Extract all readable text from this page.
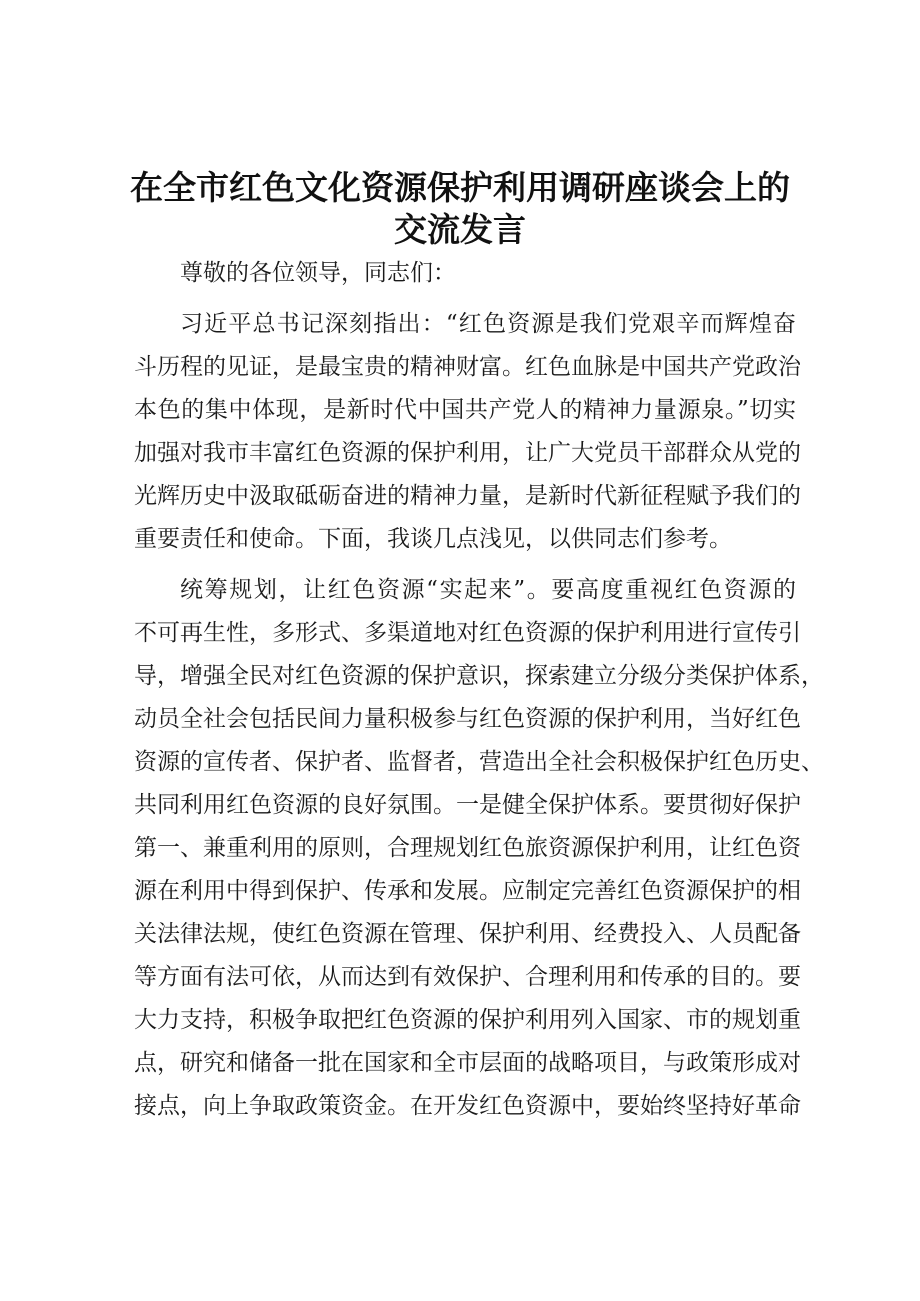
在全市红色文化资源保护利用调研座谈会上的
交流发言
尊敬的各位领导，同志们：
习近平总书记深刻指出：“红色资源是我们党艰辛而辉煌奋
斗历程的见证，是最宝贵的精神财富。红色血脉是中国共产党政治
本色的集中体现，是新时代中国共产党人的精神力量源泉。”切实
加强对我市丰富红色资源的保护利用，让广大党员干部群众从党的
光辉历史中汲取砥砺奋进的精神力量，是新时代新征程赋予我们的
重要责任和使命。下面，我谈几点浅见，以供同志们参考。
统筹规划，让红色资源“实起来”。要高度重视红色资源的
不可再生性，多形式、多渠道地对红色资源的保护利用进行宣传引
导，增强全民对红色资源的保护意识，探索建立分级分类保护体系，
动员全社会包括民间力量积极参与红色资源的保护利用，当好红色
资源的宣传者、保护者、监督者，营造出全社会积极保护红色历史、
共同利用红色资源的良好氛围。一是健全保护体系。要贯彻好保护
第一、兼重利用的原则，合理规划红色旅资源保护利用，让红色资
源在利用中得到保护、传承和发展。应制定完善红色资源保护的相
关法律法规，使红色资源在管理、保护利用、经费投入、人员配备
等方面有法可依，从而达到有效保护、合理利用和传承的目的。要
大力支持，积极争取把红色资源的保护利用列入国家、市的规划重
点，研究和储备一批在国家和全市层面的战略项目，与政策形成对
接点，向上争取政策资金。在开发红色资源中，要始终坚持好革命
